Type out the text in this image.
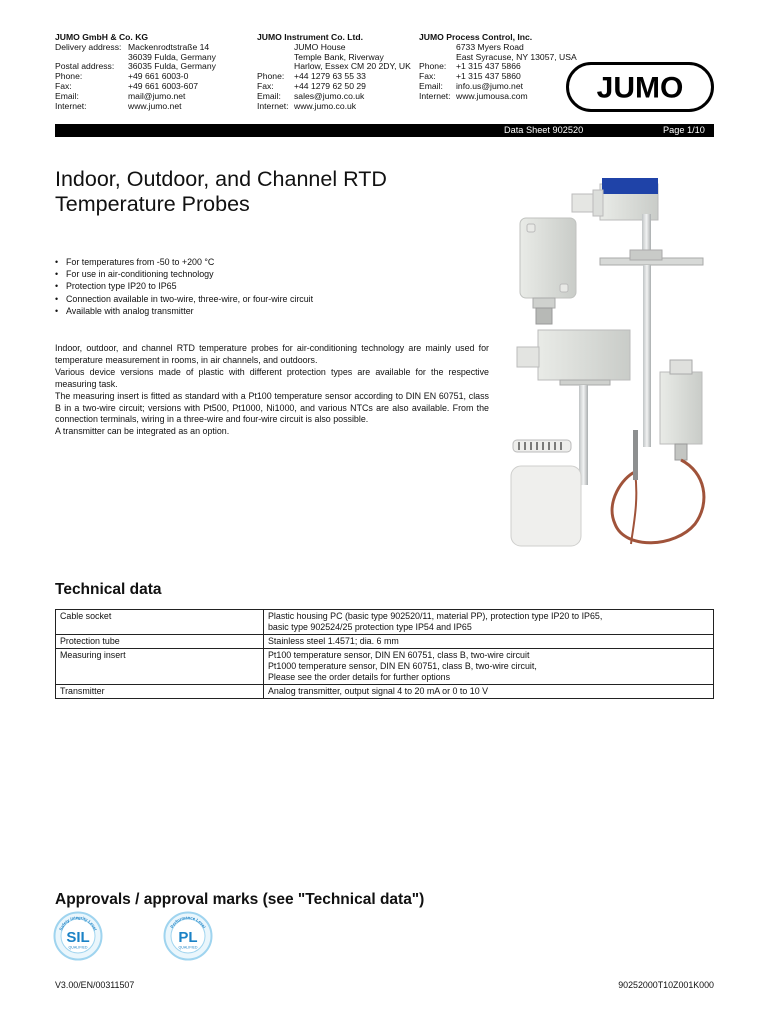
JUMO GmbH & Co. KG
Delivery address: Mackenrodtstraße 14
36039 Fulda, Germany
Postal address:	36035 Fulda, Germany
Phone:	+49 661 6003-0
Fax:	+49 661 6003-607
Email:	mail@jumo.net
Internet:	www.jumo.net
JUMO Instrument Co. Ltd.
JUMO House
Temple Bank, Riverway
Harlow, Essex CM 20 2DY, UK
Phone:	+44 1279 63 55 33
Fax:	+44 1279 62 50 29
Email:	sales@jumo.co.uk
Internet: www.jumo.co.uk
JUMO Process Control, Inc.
6733 Myers Road
East Syracuse, NY 13057, USA
Phone:	+1 315 437 5866
Fax:	+1 315 437 5860
Email:	info.us@jumo.net
Internet: www.jumousa.com JUMO
Data Sheet 902520	Page 1/10
Indoor, Outdoor, and Channel RTD
Temperature Probes
• For temperatures from -50 to +200 °C
• For use in air-conditioning technology
• Protection type IP20 to IP65
• Connection available in two-wire, three-wire, or four-wire circuit
• Available with analog transmitter

Indoor, outdoor, and channel RTD temperature probes for air-conditioning technology are mainly used for temperature measurement in rooms, in air channels, and outdoors.

Various device versions made of plastic with different protection types are available for the respective measuring task.

The measuring insert is fitted as standard with a Pt100 temperature sensor according to DIN EN 60751, class B in a two-wire circuit; versions with Pt500, Pt1000, Ni1000, and various NTCs are also available. From the connection terminals, wiring in a three-wire and four-wire circuit is also possible.

A transmitter can be integrated as an option.

Technical data
Cable socket	Plastic housing PC (basic type 902520/11, material PP), protection type IP20 to IP65,
basic type 902524/25 protection type IP54 and IP65

Protection tube	Stainless steel 1.4571; dia. 6 mm

Measuring insert	Pt100 temperature sensor, DIN EN 60751, class B, two-wire circuit
Pt1000 temperature sensor, DIN EN 60751, class B, two-wire circuit,
Please see the order details for further options

Transmitter	Analog transmitter, output signal 4 to 20 mA or 0 to 10 V
Approvals / approval marks (see "Technical data")
Safety integrity Level
SIL
QUALIFIED
Performance Level
PL
QUALIFIED
V3.00/EN/00311507	90252000T10Z001K000
